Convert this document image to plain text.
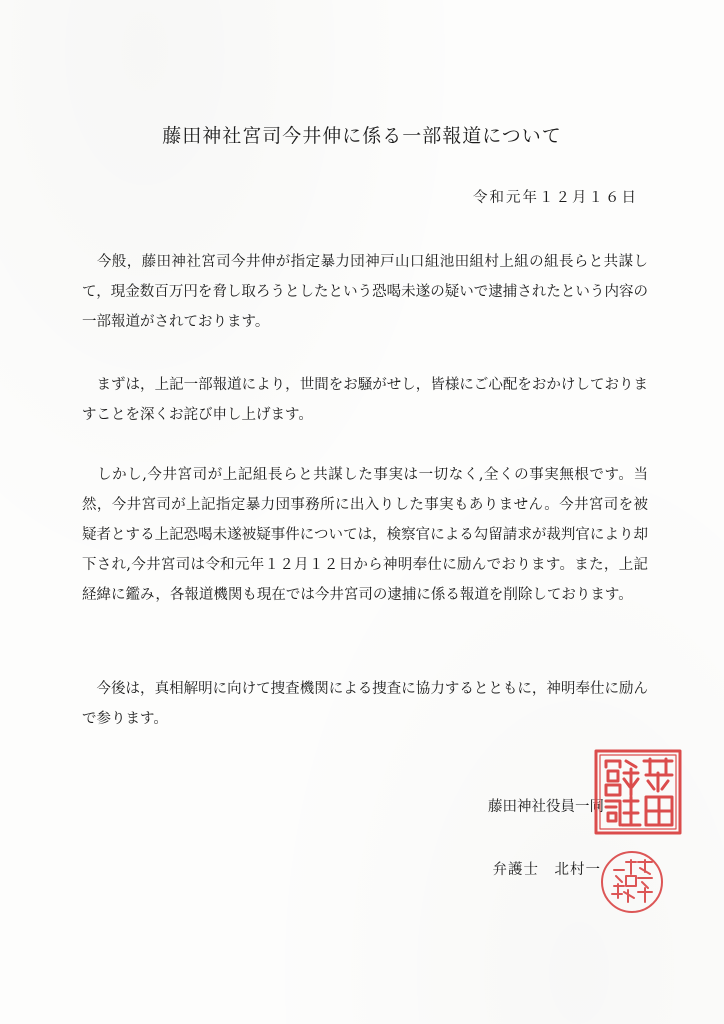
藤田神社宮司今井伸に係る一部報道について
令和元年１２月１６日

　今般，藤田神社宮司今井伸が指定暴力団神戸山口組池田組村上組の組長らと共謀して，現金数百万円を脅し取ろうとしたという恐喝未遂の疑いで逮捕されたという内容の一部報道がされております。

　まずは，上記一部報道により，世間をお騒がせし，皆様にご心配をおかけしておりますことを深くお詫び申し上げます。

　しかし,今井宮司が上記組長らと共謀した事実は一切なく,全くの事実無根です。当然，今井宮司が上記指定暴力団事務所に出入りした事実もありません。今井宮司を被疑者とする上記恐喝未遂被疑事件については，検察官による勾留請求が裁判官により却下され,今井宮司は令和元年１２月１２日から神明奉仕に励んでおります。また，上記経緯に鑑み，各報道機関も現在では今井宮司の逮捕に係る報道を削除しております。

　今後は，真相解明に向けて捜査機関による捜査に協力するとともに，神明奉仕に励んで参ります。

藤田神社役員一同
弁護士　北村一
